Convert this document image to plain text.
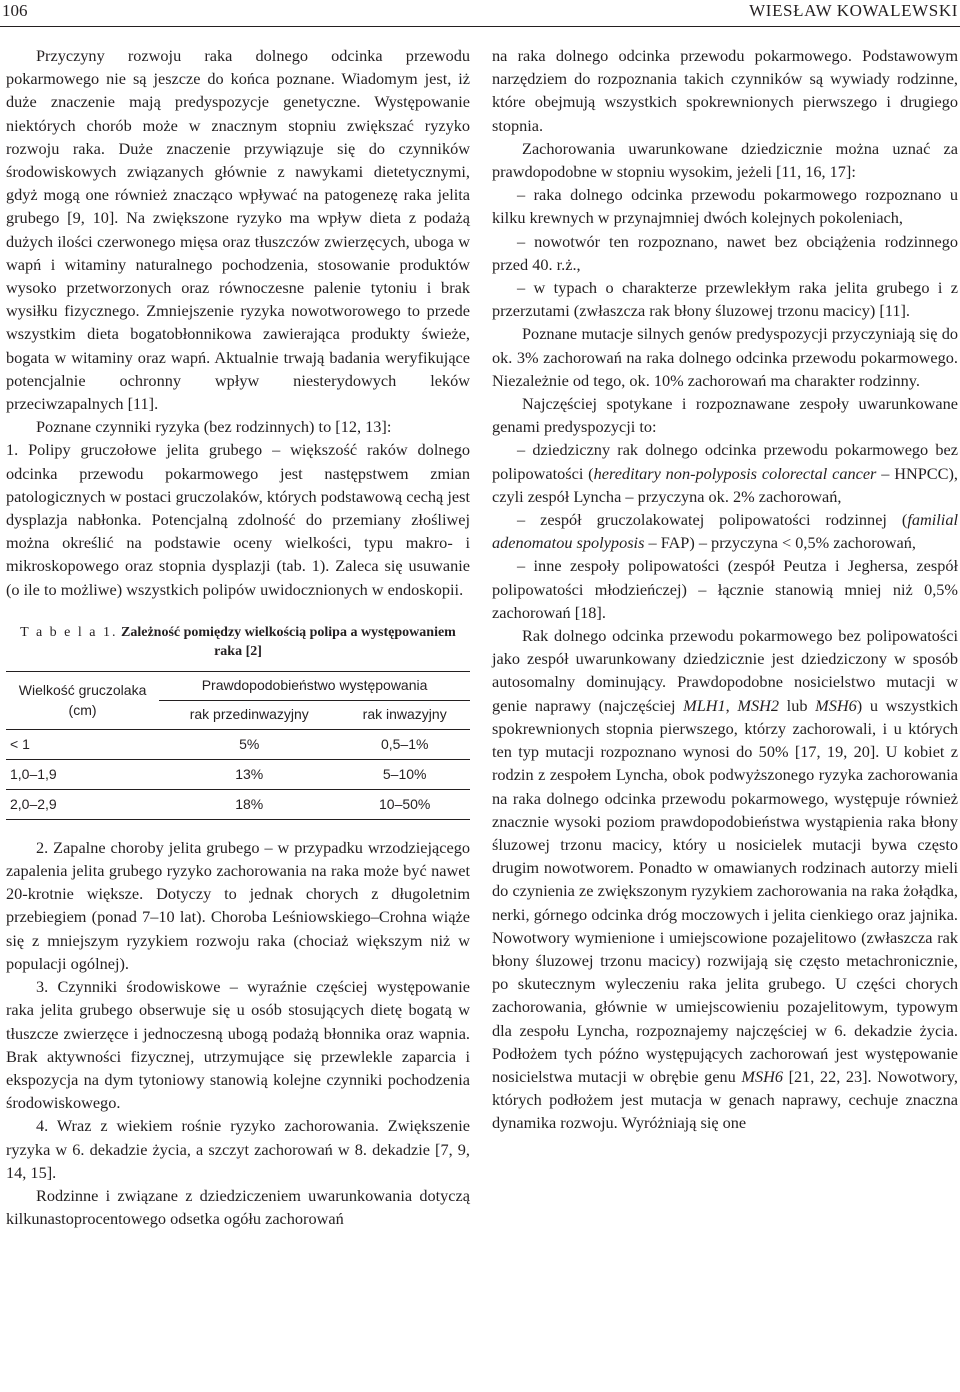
106	WIESŁAW KOWALEWSKI

Przyczyny rozwoju raka dolnego odcinka przewodu pokarmowego nie są jeszcze do końca poznane. Wiadomym jest, iż duże znaczenie mają predyspozycje genetyczne. Występowanie niektórych chorób może w znacznym stopniu zwiększać ryzyko rozwoju raka. Duże znaczenie przywiązuje się do czynników środowiskowych związanych głównie z nawykami dietetycznymi, gdyż mogą one również znacząco wpływać na patogenezę raka jelita grubego [9, 10]. Na zwiększone ryzyko ma wpływ dieta z podażą dużych ilości czerwonego mięsa oraz tłuszczów zwierzęcych, uboga w wapń i witaminy naturalnego pochodzenia, stosowanie produktów wysoko przetworzonych oraz równoczesne palenie tytoniu i brak wysiłku fizycznego. Zmniejszenie ryzyka nowotworowego to przede wszystkim dieta bogatobłonnikowa zawierająca produkty świeże, bogata w witaminy oraz wapń. Aktualnie trwają badania weryfikujące potencjalnie ochronny wpływ niesterydowych leków przeciwzapalnych [11].

Poznane czynniki ryzyka (bez rodzinnych) to [12, 13]:

1. Polipy gruczołowe jelita grubego – większość raków dolnego odcinka przewodu pokarmowego jest następstwem zmian patologicznych w postaci gruczolaków, których podstawową cechą jest dysplazja nabłonka. Potencjalną zdolność do przemiany złośliwej można określić na podstawie oceny wielkości, typu makro- i mikroskopowego oraz stopnia dysplazji (tab. 1). Zaleca się usuwanie (o ile to możliwe) wszystkich polipów uwidocznionych w endoskopii.

T a b e l a 1. Zależność pomiędzy wielkością polipa a występowaniem raka [2]
Wielkość gruczolaka (cm)	Prawdopodobieństwo występowania	
	rak przedinwazyjny	rak inwazyjny
< 1	5%	0,5–1%
1,0–1,9	13%	5–10%
2,0–2,9	18%	10–50%

2. Zapalne choroby jelita grubego – w przypadku wrzodziejącego zapalenia jelita grubego ryzyko zachorowania na raka może być nawet 20-krotnie większe. Dotyczy to jednak chorych z długoletnim przebiegiem (ponad 7–10 lat). Choroba Leśniowskiego–Crohna wiąże się z mniejszym ryzykiem rozwoju raka (chociaż większym niż w populacji ogólnej).

3. Czynniki środowiskowe – wyraźnie częściej występowanie raka jelita grubego obserwuje się u osób stosujących dietę bogatą w tłuszcze zwierzęce i jednoczesną ubogą podażą błonnika oraz wapnia. Brak aktywności fizycznej, utrzymujące się przewlekle zaparcia i ekspozycja na dym tytoniowy stanowią kolejne czynniki pochodzenia środowiskowego.

4. Wraz z wiekiem rośnie ryzyko zachorowania. Zwiększenie ryzyka w 6. dekadzie życia, a szczyt zachorowań w 8. dekadzie [7, 9, 14, 15].

Rodzinne i związane z dziedziczeniem uwarunkowania dotyczą kilkunastoprocentowego odsetka ogółu zachorowań

na raka dolnego odcinka przewodu pokarmowego. Podstawowym narzędziem do rozpoznania takich czynników są wywiady rodzinne, które obejmują wszystkich spokrewnionych pierwszego i drugiego stopnia.

Zachorowania uwarunkowane dziedzicznie można uznać za prawdopodobne w stopniu wysokim, jeżeli [11, 16, 17]:

– raka dolnego odcinka przewodu pokarmowego rozpoznano u kilku krewnych w przynajmniej dwóch kolejnych pokoleniach,

– nowotwór ten rozpoznano, nawet bez obciążenia rodzinnego przed 40. r.ż.,

– w typach o charakterze przewlekłym raka jelita grubego i z przerzutami (zwłaszcza rak błony śluzowej trzonu macicy) [11].

Poznane mutacje silnych genów predyspozycji przyczyniają się do ok. 3% zachorowań na raka dolnego odcinka przewodu pokarmowego. Niezależnie od tego, ok. 10% zachorowań ma charakter rodzinny.

Najczęściej spotykane i rozpoznawane zespoły uwarunkowane genami predyspozycji to:

– dziedziczny rak dolnego odcinka przewodu pokarmowego bez polipowatości (hereditary non-polyposis colorectal cancer – HNPCC), czyli zespół Lyncha – przyczyna ok. 2% zachorowań,

– zespół gruczolakowatej polipowatości rodzinnej (familial adenomatou spolyposis – FAP) – przyczyna < 0,5% zachorowań,

– inne zespoły polipowatości (zespół Peutza i Jeghersa, zespół polipowatości młodzieńczej) – łącznie stanowią mniej niż 0,5% zachorowań [18].

Rak dolnego odcinka przewodu pokarmowego bez polipowatości jako zespół uwarunkowany dziedzicznie jest dziedziczony w sposób autosomalny dominujący. Prawdopodobne nosicielstwo mutacji w genie naprawy (najczęściej MLH1, MSH2 lub MSH6) u wszystkich spokrewnionych stopnia pierwszego, którzy zachorowali, i u których ten typ mutacji rozpoznano wynosi do 50% [17, 19, 20]. U kobiet z rodzin z zespołem Lyncha, obok podwyższonego ryzyka zachorowania na raka dolnego odcinka przewodu pokarmowego, występuje również znacznie wysoki poziom prawdopodobieństwa wystąpienia raka błony śluzowej trzonu macicy, który u nosicielek mutacji bywa często drugim nowotworem. Ponadto w omawianych rodzinach autorzy mieli do czynienia ze zwiększonym ryzykiem zachorowania na raka żołądka, nerki, górnego odcinka dróg moczowych i jelita cienkiego oraz jajnika. Nowotwory wymienione i umiejscowione pozajelitowo (zwłaszcza rak błony śluzowej trzonu macicy) rozwijają się często metachronicznie, po skutecznym wyleczeniu raka jelita grubego. U części chorych zachorowania, głównie w umiejscowieniu pozajelitowym, typowym dla zespołu Lyncha, rozpoznajemy najczęściej w 6. dekadzie życia. Podłożem tych późno występujących zachorowań jest występowanie nosicielstwa mutacji w obrębie genu MSH6 [21, 22, 23]. Nowotwory, których podłożem jest mutacja w genach naprawy, cechuje znaczna dynamika rozwoju. Wyróżniają się one
